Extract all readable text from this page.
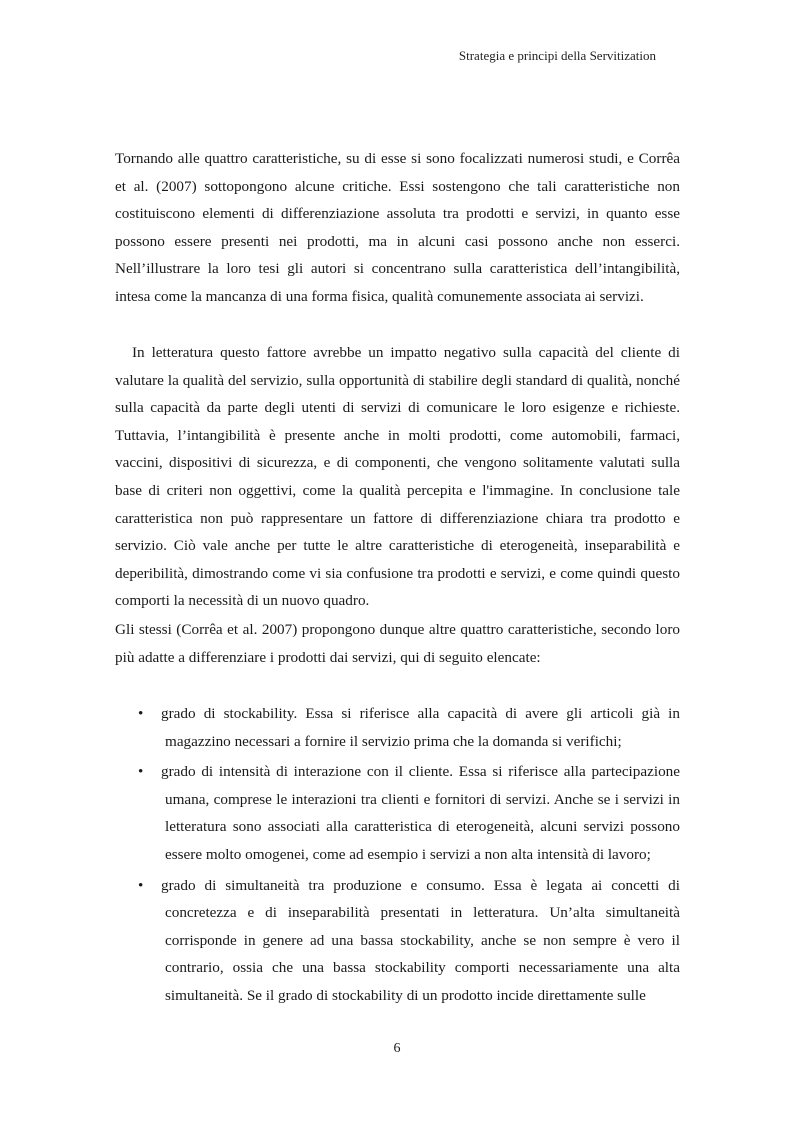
Strategia e principi della Servitization

Tornando alle quattro caratteristiche, su di esse si sono focalizzati numerosi studi, e Corrêa et al. (2007) sottopongono alcune critiche. Essi sostengono che tali caratteristiche non costituiscono elementi di differenziazione assoluta tra prodotti e servizi, in quanto esse possono essere presenti nei prodotti, ma in alcuni casi possono anche non esserci. Nell’illustrare la loro tesi gli autori si concentrano sulla caratteristica dell’intangibilità, intesa come la mancanza di una forma fisica, qualità comunemente associata ai servizi.

In letteratura questo fattore avrebbe un impatto negativo sulla capacità del cliente di valutare la qualità del servizio, sulla opportunità di stabilire degli standard di qualità, nonché sulla capacità da parte degli utenti di servizi di comunicare le loro esigenze e richieste. Tuttavia, l’intangibilità è presente anche in molti prodotti, come automobili, farmaci, vaccini, dispositivi di sicurezza, e di componenti, che vengono solitamente valutati sulla base di criteri non oggettivi, come la qualità percepita e l'immagine. In conclusione tale caratteristica non può rappresentare un fattore di differenziazione chiara tra prodotto e servizio. Ciò vale anche per tutte le altre caratteristiche di eterogeneità, inseparabilità e deperibilità, dimostrando come vi sia confusione tra prodotti e servizi, e come quindi questo comporti la necessità di un nuovo quadro.

Gli stessi (Corrêa et al. 2007) propongono dunque altre quattro caratteristiche, secondo loro più adatte a differenziare i prodotti dai servizi, qui di seguito elencate:

• grado di stockability. Essa si riferisce alla capacità di avere gli articoli già in magazzino necessari a fornire il servizio prima che la domanda si verifichi;
• grado di intensità di interazione con il cliente. Essa si riferisce alla partecipazione umana, comprese le interazioni tra clienti e fornitori di servizi. Anche se i servizi in letteratura sono associati alla caratteristica di eterogeneità, alcuni servizi possono essere molto omogenei, come ad esempio i servizi a non alta intensità di lavoro;
• grado di simultaneità tra produzione e consumo. Essa è legata ai concetti di concretezza e di inseparabilità presentati in letteratura. Un’alta simultaneità corrisponde in genere ad una bassa stockability, anche se non sempre è vero il contrario, ossia che una bassa stockability comporti necessariamente una alta simultaneità. Se il grado di stockability di un prodotto incide direttamente sulle
6
